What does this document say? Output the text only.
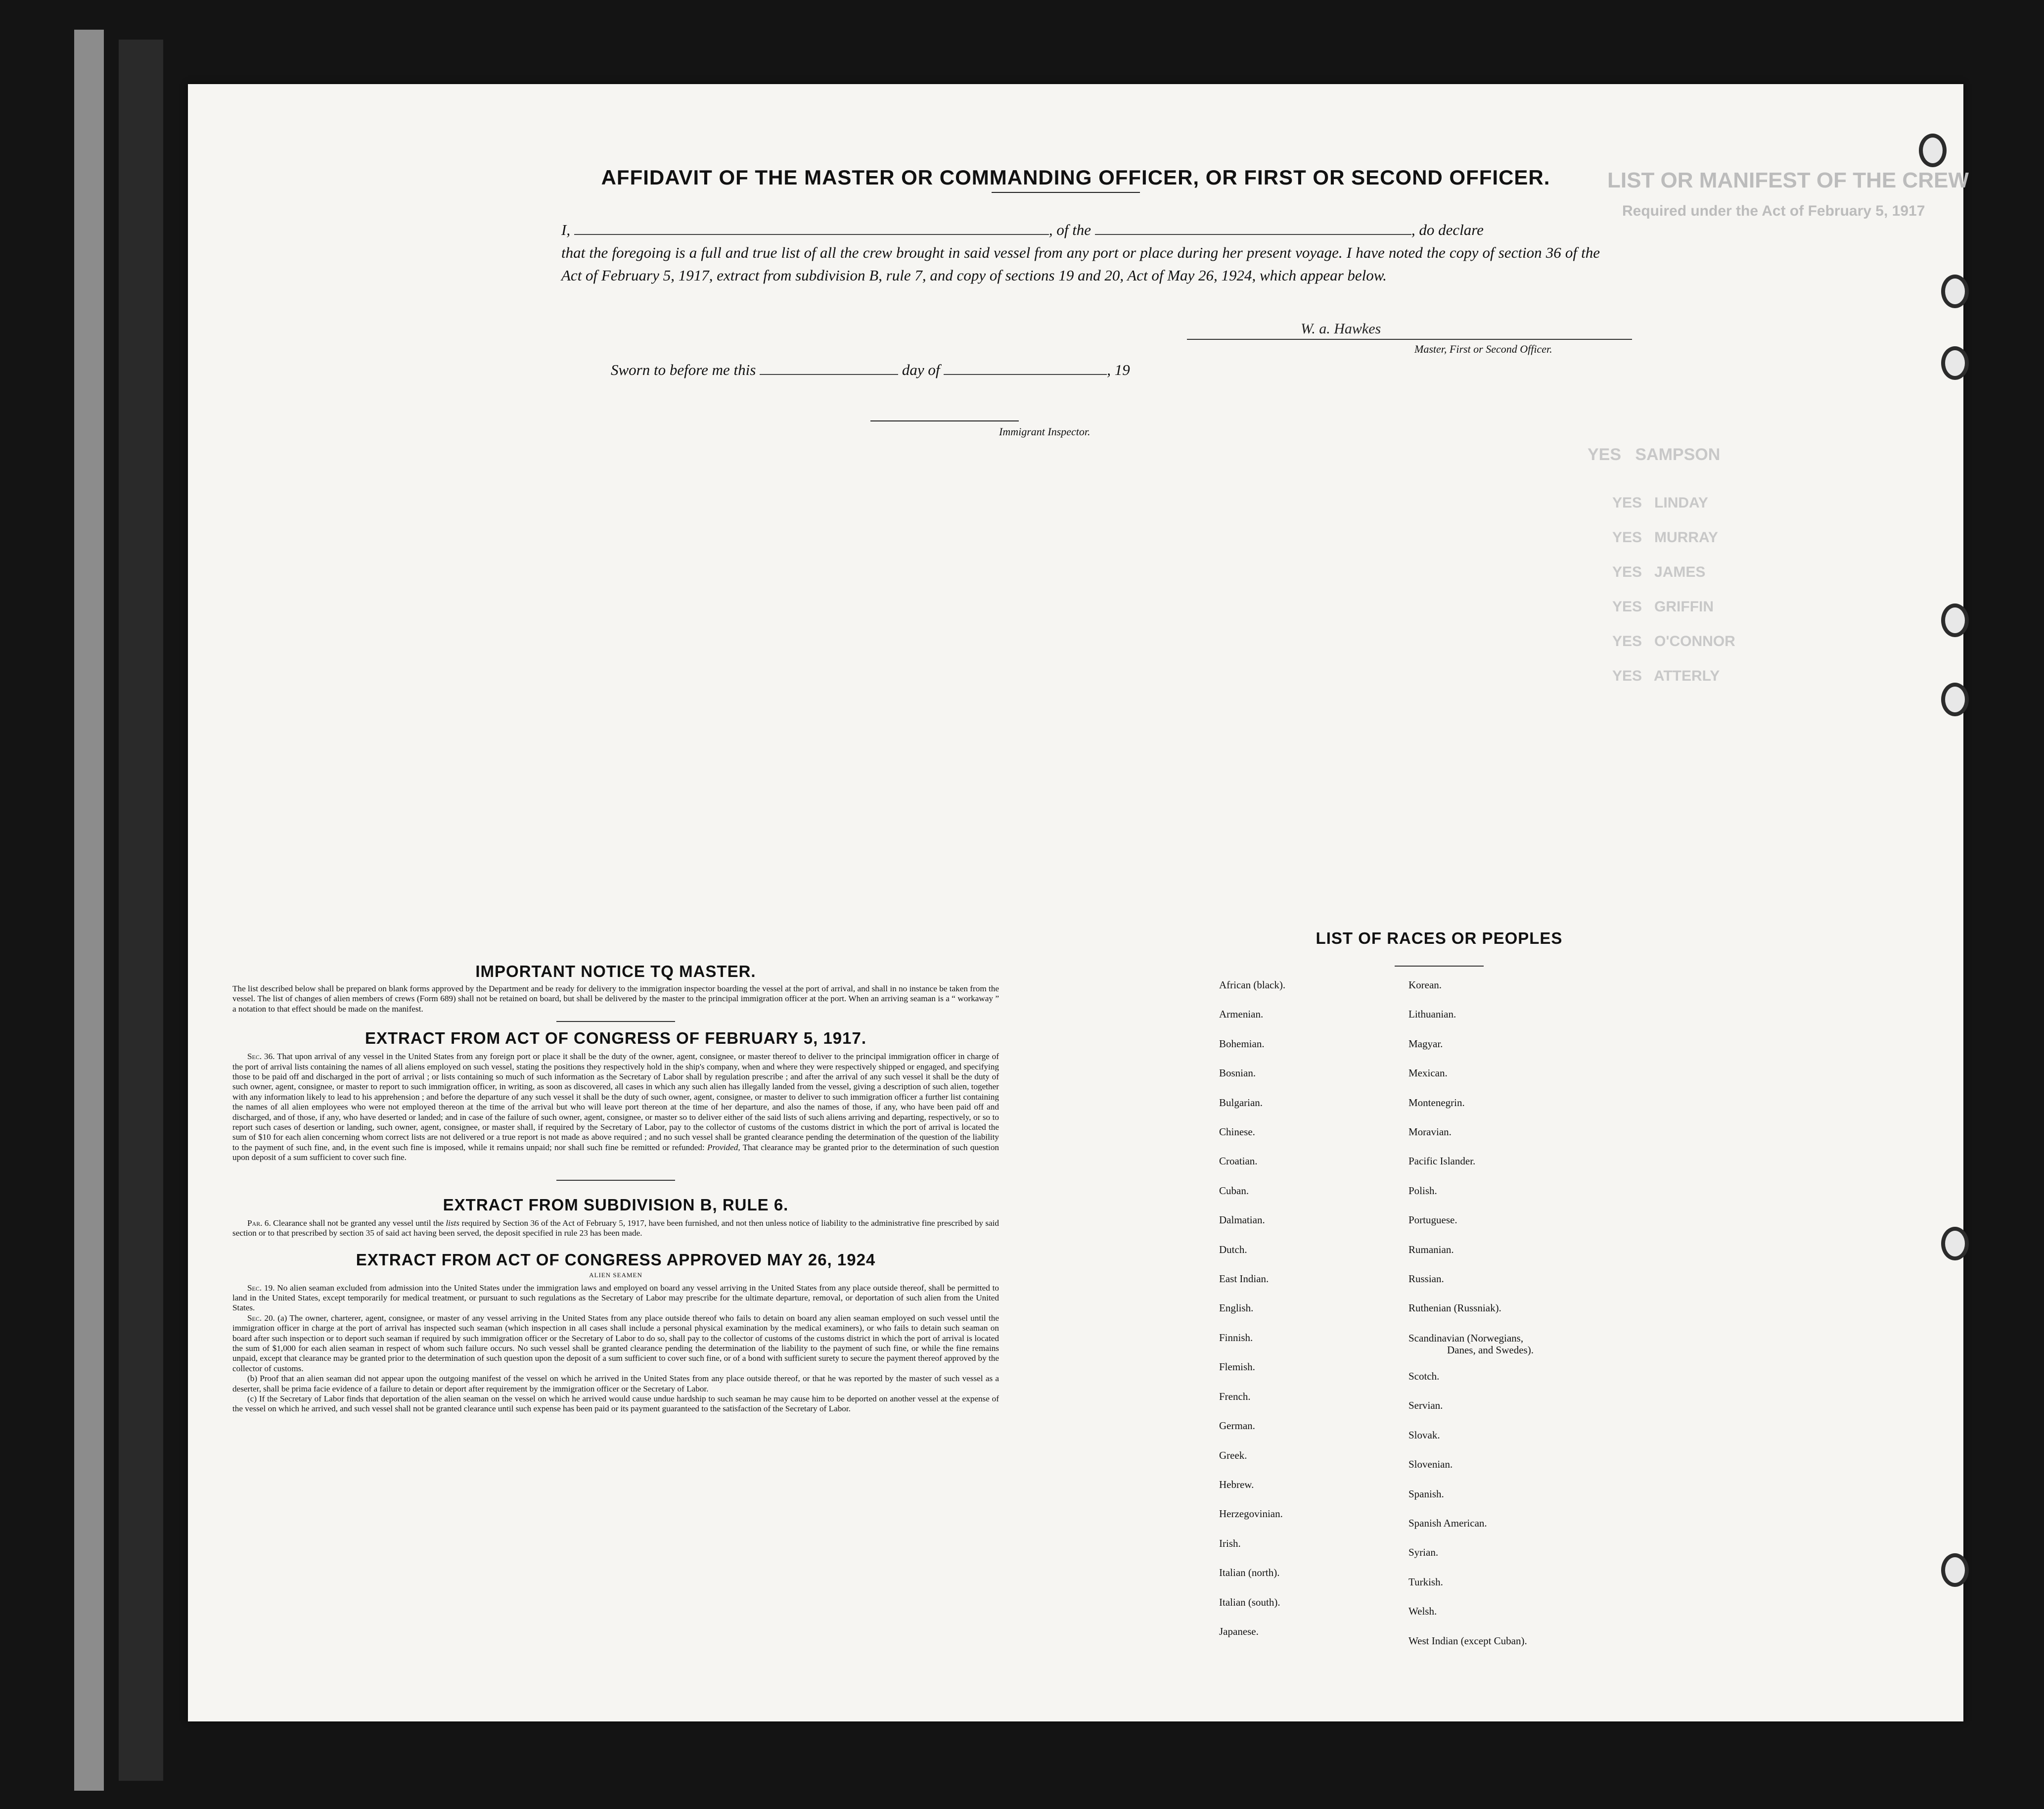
LIST OR MANIFEST OF THE CREW
Required under the Act of February 5, 1917
YES   SAMPSON
YES   LINDAY
YES   MURRAY
YES   JAMES
YES   GRIFFIN
YES   O'CONNOR
YES   ATTERLY
AFFIDAVIT OF THE MASTER OR COMMANDING OFFICER, OR FIRST OR SECOND OFFICER.

I,	, of the	, do declare

that the foregoing is a full and true list of all the crew brought in said vessel from any port or place during her present voyage. I have noted the copy of section 36 of the Act of February 5, 1917, extract from subdivision B, rule 7, and copy of sections 19 and 20, Act of May 26, 1924, which appear below.

W. a. Hawkes
Master, First or Second Officer.
Sworn to before me this	day of	, 19
Immigrant Inspector.
IMPORTANT NOTICE TQ MASTER.

The list described below shall be prepared on blank forms approved by the Department and be ready for delivery to the immigration inspector boarding the vessel at the port of arrival, and shall in no instance be taken from the vessel. The list of changes of alien members of crews (Form 689) shall not be retained on board, but shall be delivered by the master to the principal immigration officer at the port. When an arriving seaman is a “ workaway ” a notation to that effect should be made on the manifest.

EXTRACT FROM ACT OF CONGRESS OF FEBRUARY 5, 1917.

Sec. 36. That upon arrival of any vessel in the United States from any foreign port or place it shall be the duty of the owner, agent, consignee, or master thereof to deliver to the principal immigration officer in charge of the port of arrival lists containing the names of all aliens employed on such vessel, stating the positions they respectively hold in the ship's company, when and where they were respectively shipped or engaged, and specifying those to be paid off and discharged in the port of arrival ; or lists containing so much of such information as the Secretary of Labor shall by regulation prescribe ; and after the arrival of any such vessel it shall be the duty of such owner, agent, consignee, or master to report to such immigration officer, in writing, as soon as discovered, all cases in which any such alien has illegally landed from the vessel, giving a description of such alien, together with any information likely to lead to his apprehension ; and before the departure of any such vessel it shall be the duty of such owner, agent, consignee, or master to deliver to such immigration officer a further list containing the names of all alien employees who were not employed thereon at the time of the arrival but who will leave port thereon at the time of her departure, and also the names of those, if any, who have been paid off and discharged, and of those, if any, who have deserted or landed; and in case of the failure of such owner, agent, consignee, or master so to deliver either of the said lists of such aliens arriving and departing, respectively, or so to report such cases of desertion or landing, such owner, agent, consignee, or master shall, if required by the Secretary of Labor, pay to the collector of customs of the customs district in which the port of arrival is located the sum of $10 for each alien concerning whom correct lists are not delivered or a true report is not made as above required ; and no such vessel shall be granted clearance pending the determination of the question of the liability to the payment of such fine, and, in the event such fine is imposed, while it remains unpaid; nor shall such fine be remitted or refunded: Provided, That clearance may be granted prior to the determination of such question upon deposit of a sum sufficient to cover such fine.

EXTRACT FROM SUBDIVISION B, RULE 6.

Par. 6. Clearance shall not be granted any vessel until the lists required by Section 36 of the Act of February 5, 1917, have been furnished, and not then unless notice of liability to the administrative fine prescribed by said section or to that prescribed by section 35 of said act having been served, the deposit specified in rule 23 has been made.

EXTRACT FROM ACT OF CONGRESS APPROVED MAY 26, 1924
ALIEN SEAMEN

Sec. 19. No alien seaman excluded from admission into the United States under the immigration laws and employed on board any vessel arriving in the United States from any place outside thereof, shall be permitted to land in the United States, except temporarily for medical treatment, or pursuant to such regulations as the Secretary of Labor may prescribe for the ultimate departure, removal, or deportation of such alien from the United States.

Sec. 20. (a) The owner, charterer, agent, consignee, or master of any vessel arriving in the United States from any place outside thereof who fails to detain on board any alien seaman employed on such vessel until the immigration officer in charge at the port of arrival has inspected such seaman (which inspection in all cases shall include a personal physical examination by the medical examiners), or who fails to detain such seaman on board after such inspection or to deport such seaman if required by such immigration officer or the Secretary of Labor to do so, shall pay to the collector of customs of the customs district in which the port of arrival is located the sum of $1,000 for each alien seaman in respect of whom such failure occurs. No such vessel shall be granted clearance pending the determination of the liability to the payment of such fine, or while the fine remains unpaid, except that clearance may be granted prior to the determination of such question upon the deposit of a sum sufficient to cover such fine, or of a bond with sufficient surety to secure the payment thereof approved by the collector of customs.

(b) Proof that an alien seaman did not appear upon the outgoing manifest of the vessel on which he arrived in the United States from any place outside thereof, or that he was reported by the master of such vessel as a deserter, shall be prima facie evidence of a failure to detain or deport after requirement by the immigration officer or the Secretary of Labor.

(c) If the Secretary of Labor finds that deportation of the alien seaman on the vessel on which he arrived would cause undue hardship to such seaman he may cause him to be deported on another vessel at the expense of the vessel on which he arrived, and such vessel shall not be granted clearance until such expense has been paid or its payment guaranteed to the satisfaction of the Secretary of Labor.

LIST OF RACES OR PEOPLES
African (black).
Armenian.
Bohemian.
Bosnian.
Bulgarian.
Chinese.
Croatian.
Cuban.
Dalmatian.
Dutch.
East Indian.
English.
Finnish.
Flemish.
French.
German.
Greek.
Hebrew.
Herzegovinian.
Irish.
Italian (north).
Italian (south).
Japanese.
Korean.
Lithuanian.
Magyar.
Mexican.
Montenegrin.
Moravian.
Pacific Islander.
Polish.
Portuguese.
Rumanian.
Russian.
Ruthenian (Russniak).
Scandinavian (Norwegians,
Danes, and Swedes).
Scotch.
Servian.
Slovak.
Slovenian.
Spanish.
Spanish American.
Syrian.
Turkish.
Welsh.
West Indian (except Cuban).
